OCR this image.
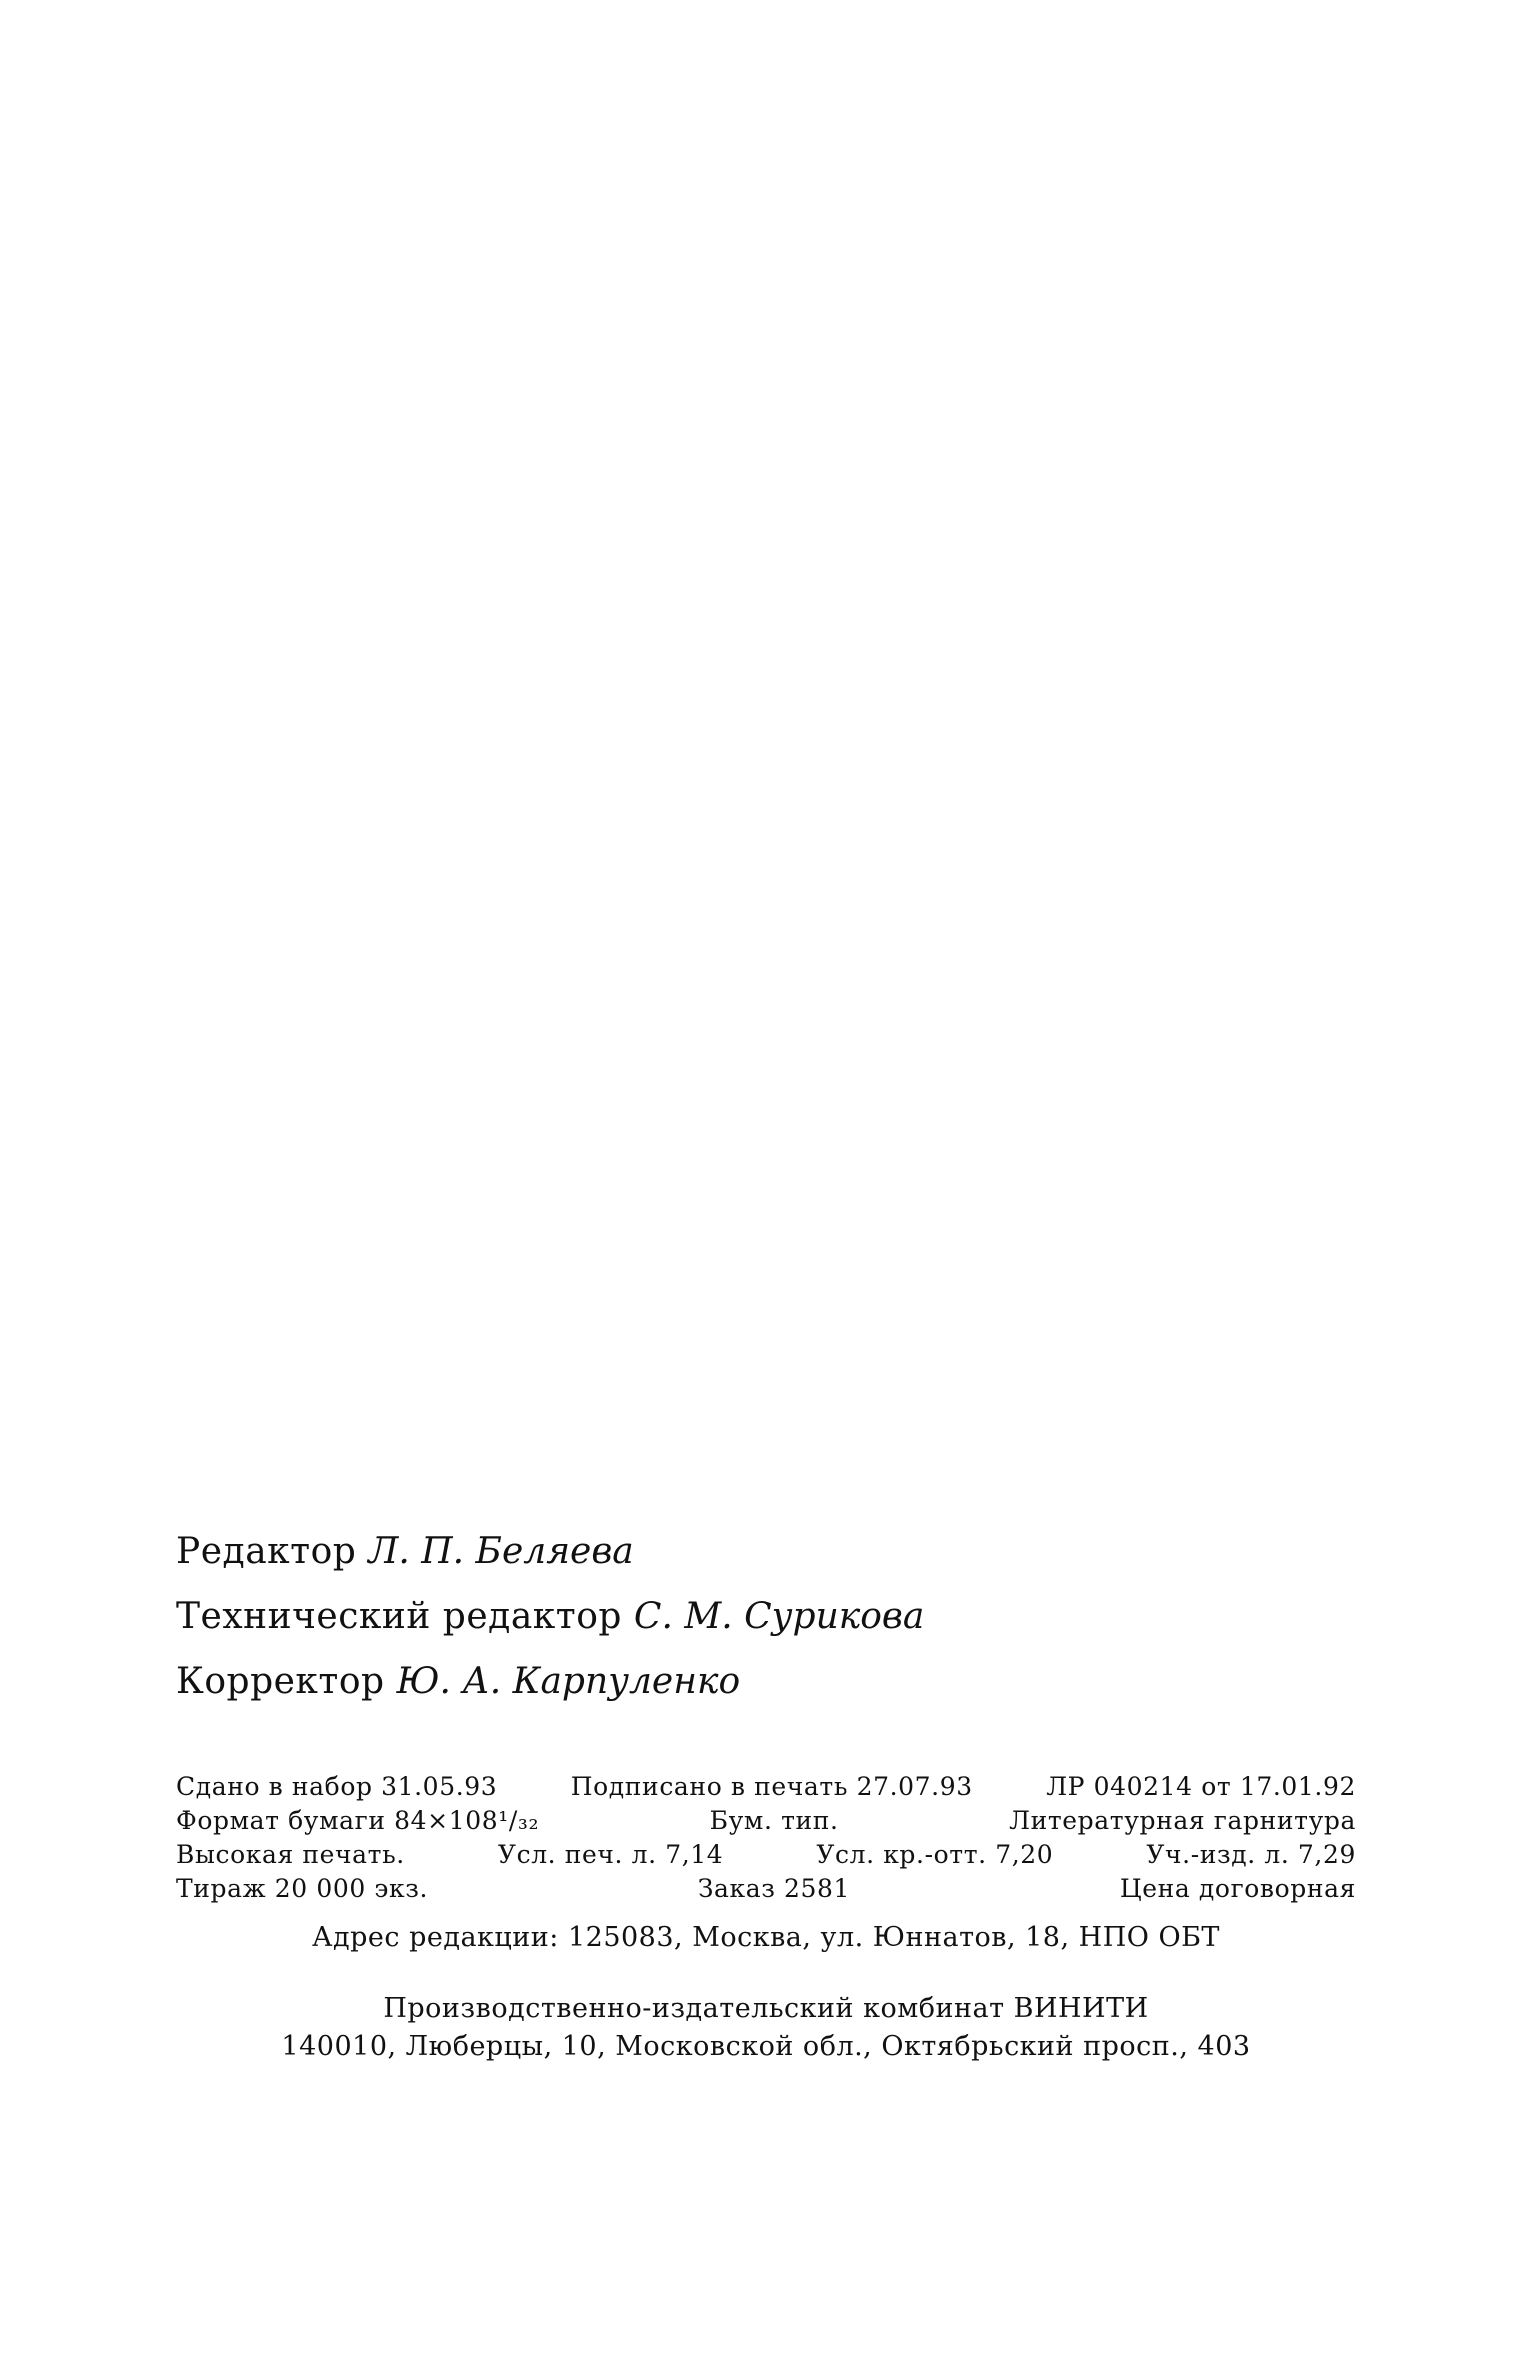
Редактор Л. П. Беляева
Технический редактор С. М. Сурикова
Корректор Ю. А. Карпуленко
Сдано в набор 31.05.93	Подписано в печать 27.07.93	ЛР 040214 от 17.01.92
Формат бумаги 84×108¹/₃₂	Бум. тип.	Литературная гарнитура
Высокая печать.	Усл. печ. л. 7,14	Усл. кр.-отт. 7,20	Уч.-изд. л. 7,29
Тираж 20 000 экз.	Заказ 2581	Цена договорная
Адрес редакции: 125083, Москва, ул. Юннатов, 18, НПО ОБТ
Производственно-издательский комбинат ВИНИТИ
140010, Люберцы, 10, Московской обл., Октябрьский просп., 403
